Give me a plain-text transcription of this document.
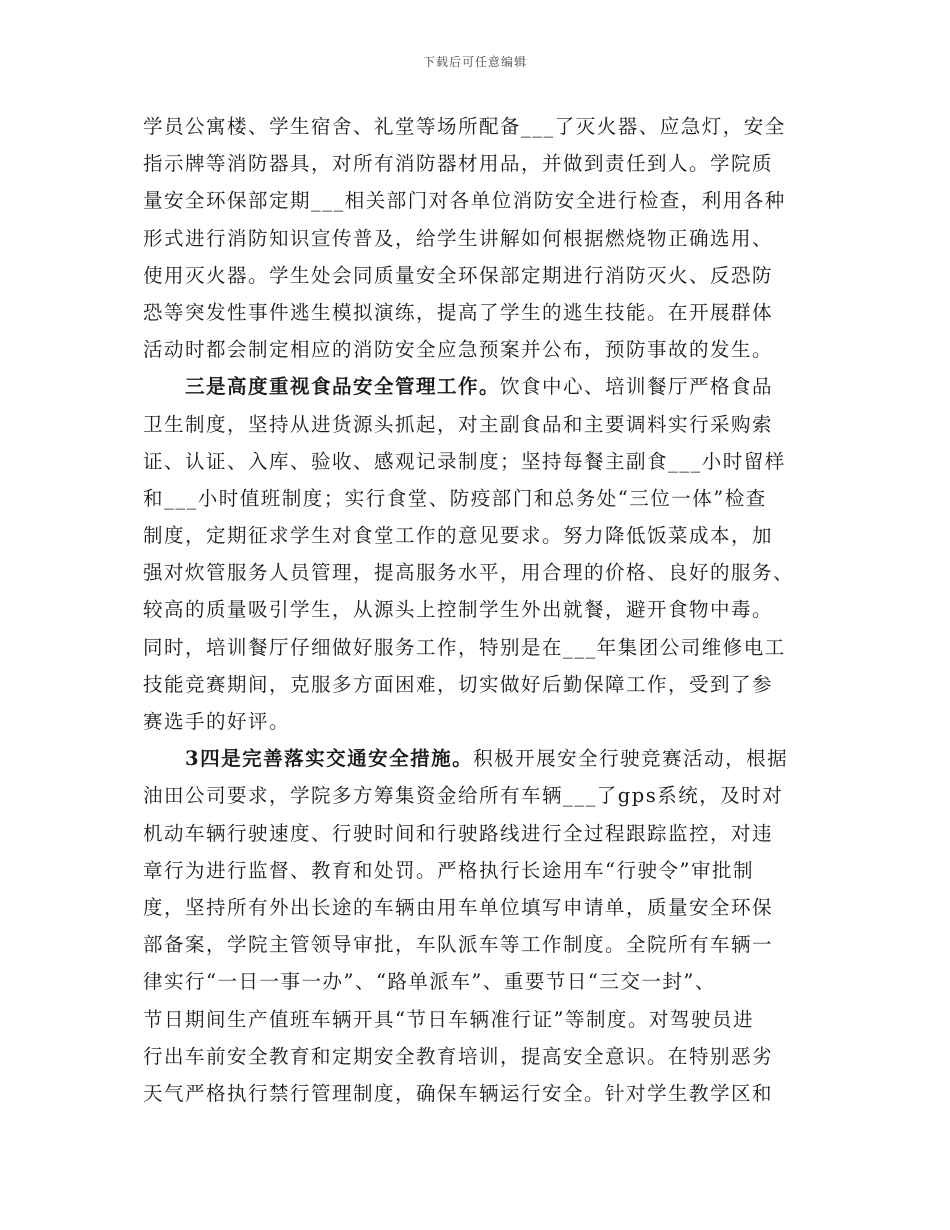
下载后可任意编辑
学员公寓楼、学生宿舍、礼堂等场所配备___了灭火器、应急灯，安全
指示牌等消防器具，对所有消防器材用品，并做到责任到人。学院质
量安全环保部定期___相关部门对各单位消防安全进行检查，利用各种
形式进行消防知识宣传普及，给学生讲解如何根据燃烧物正确选用、
使用灭火器。学生处会同质量安全环保部定期进行消防灭火、反恐防
恐等突发性事件逃生模拟演练，提高了学生的逃生技能。在开展群体
活动时都会制定相应的消防安全应急预案并公布，预防事故的发生。
三是高度重视食品安全管理工作。饮食中心、培训餐厅严格食品
卫生制度，坚持从进货源头抓起，对主副食品和主要调料实行采购索
证、认证、入库、验收、感观记录制度；坚持每餐主副食___小时留样
和___小时值班制度；实行食堂、防疫部门和总务处“三位一体”检查
制度，定期征求学生对食堂工作的意见要求。努力降低饭菜成本，加
强对炊管服务人员管理，提高服务水平，用合理的价格、良好的服务、
较高的质量吸引学生，从源头上控制学生外出就餐，避开食物中毒。
同时，培训餐厅仔细做好服务工作，特别是在___年集团公司维修电工
技能竞赛期间，克服多方面困难，切实做好后勤保障工作，受到了参
赛选手的好评。
3四是完善落实交通安全措施。积极开展安全行驶竞赛活动，根据
油田公司要求，学院多方筹集资金给所有车辆___了gps系统，及时对
机动车辆行驶速度、行驶时间和行驶路线进行全过程跟踪监控，对违
章行为进行监督、教育和处罚。严格执行长途用车“行驶令”审批制
度，坚持所有外出长途的车辆由用车单位填写申请单，质量安全环保
部备案，学院主管领导审批，车队派车等工作制度。全院所有车辆一
律实行“一日一事一办”、“路单派车”、重要节日“三交一封”、
节日期间生产值班车辆开具“节日车辆准行证”等制度。对驾驶员进
行出车前安全教育和定期安全教育培训，提高安全意识。在特别恶劣
天气严格执行禁行管理制度，确保车辆运行安全。针对学生教学区和
